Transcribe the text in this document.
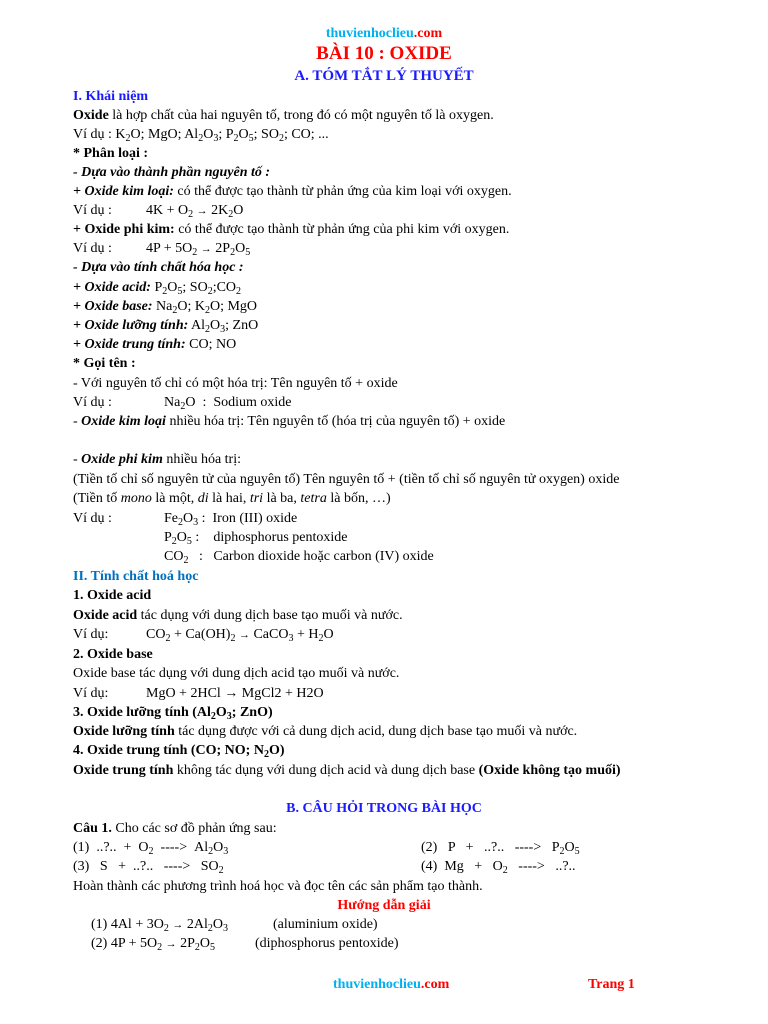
thuvienhoclieu.com
BÀI 10 : OXIDE
A. TÓM TẮT LÝ THUYẾT
I. Khái niệm
Oxide là hợp chất của hai nguyên tố, trong đó có một nguyên tố là oxygen.
Ví dụ : $K_2O$; MgO; $Al_2O_3$; $P_2O_5$; $SO_2$; CO; ...
* Phân loại :
- Dựa vào thành phần nguyên tố :
+ Oxide kim loại: có thể được tạo thành từ phản ứng của kim loại với oxygen.
Ví dụ : $4K + O_2 \to 2K_2O$
+ Oxide phi kim: có thể được tạo thành từ phản ứng của phi kim với oxygen.
Ví dụ : $4P + 5O_2 \to 2P_2O_5$
- Dựa vào tính chất hóa học :
+ Oxide acid: $P_2O_5$; $SO_2;CO_2$
+ Oxide base: $Na_2O$; $K_2O$; MgO
+ Oxide lưỡng tính: $Al_2O_3$; ZnO
+ Oxide trung tính: CO; NO
* Gọi tên :
- Với nguyên tố chỉ có một hóa trị: Tên nguyên tố + oxide
Ví dụ :	$Na_2O$  :  Sodium oxide
- Oxide kim loại nhiều hóa trị: Tên nguyên tố (hóa trị của nguyên tố) + oxide
- Oxide phi kim nhiều hóa trị:
(Tiền tố chỉ số nguyên tử của nguyên tố) Tên nguyên tố + (tiền tố chỉ số nguyên tử oxygen) oxide
(Tiền tố mono là một, di là hai, tri là ba, tetra là bốn, …)
Ví dụ :	$Fe_2O_3$ :  Iron (III) oxide
$P_2O_5$ :    diphosphorus pentoxide
$CO_2$   :   Carbon dioxide hoặc carbon (IV) oxide
II. Tính chất hoá học
1. Oxide acid
Oxide acid tác dụng với dung dịch base tạo muối và nước.
Ví dụ:	$CO_2 + Ca(OH)_2$ → CaCO$_3$ + $H_2O$
2. Oxide base
Oxide base tác dụng với dung dịch acid tạo muối và nước.
Ví dụ:	MgO + 2HCl → MgCl2 + H2O
3. Oxide lưỡng tính ($Al_2O_3$; ZnO)
Oxide lưỡng tính tác dụng được với cả dung dịch acid, dung dịch base tạo muối và nước.
4. Oxide trung tính (CO; NO; $N_2O$)
Oxide trung tính không tác dụng với dung dịch acid và dung dịch base (Oxide không tạo muối)
B. CÂU HỎI TRONG BÀI HỌC
Câu 1. Cho các sơ đồ phản ứng sau:
(1)  ..?..  +  $O_2$  ---->  $Al_2O_3$	(2)   P   +   ..?..   ---->   $P_2O_5$
(3)   S   +  ..?..   ---->   $SO_2$	(4)  $Mg + O_2$   ---->   ..?..
Hoàn thành các phương trình hoá học và đọc tên các sản phẩm tạo thành.
Hướng dẫn giải
(1) $4Al + 3O_2 \to 2Al_2O_3$	(aluminium oxide)
(2) $4P + 5O_2 \to 2P_2O_5$	(diphosphorus pentoxide)
thuvienhoclieu.com	Trang 1
